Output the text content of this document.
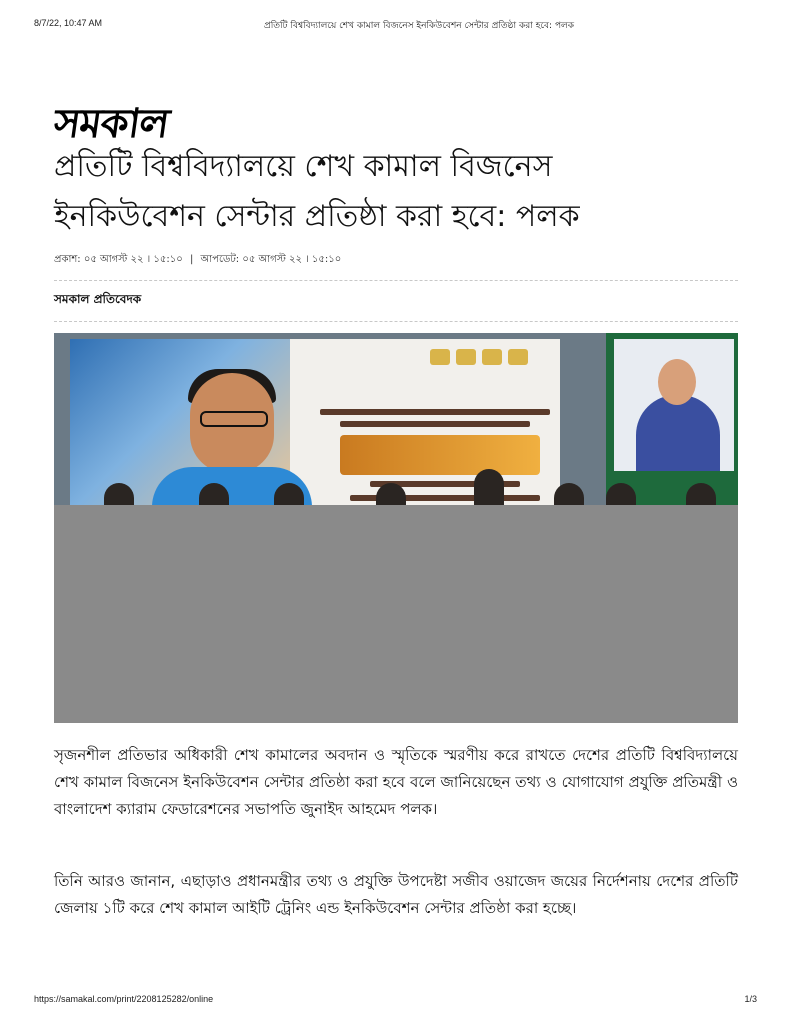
8/7/22, 10:47 AM	প্রতিটি বিশ্ববিদ্যালয়ে শেখ কামাল বিজনেস ইনকিউবেশন সেন্টার প্রতিষ্ঠা করা হবে: পলক
সমকাল
প্রতিটি বিশ্ববিদ্যালয়ে শেখ কামাল বিজনেস
ইনকিউবেশন সেন্টার প্রতিষ্ঠা করা হবে: পলক
প্রকাশ: ০৫ আগস্ট ২২ । ১৫:১০ | আপডেট: ০৫ আগস্ট ২২ । ১৫:১০
সমকাল প্রতিবেদক

সৃজনশীল প্রতিভার অধিকারী শেখ কামালের অবদান ও স্মৃতিকে স্মরণীয় করে রাখতে দেশের প্রতিটি বিশ্ববিদ্যালয়ে শেখ কামাল বিজনেস ইনকিউবেশন সেন্টার প্রতিষ্ঠা করা হবে বলে জানিয়েছেন তথ্য ও যোগাযোগ প্রযুক্তি প্রতিমন্ত্রী ও বাংলাদেশ ক্যারাম ফেডারেশনের সভাপতি জুনাইদ আহমেদ পলক।

তিনি আরও জানান, এছাড়াও প্রধানমন্ত্রীর তথ্য ও প্রযুক্তি উপদেষ্টা সজীব ওয়াজেদ জয়ের নির্দেশনায় দেশের প্রতিটি জেলায় ১টি করে শেখ কামাল আইটি ট্রেনিং এন্ড ইনকিউবেশন সেন্টার প্রতিষ্ঠা করা হচ্ছে।

https://samakal.com/print/2208125282/online	1/3
